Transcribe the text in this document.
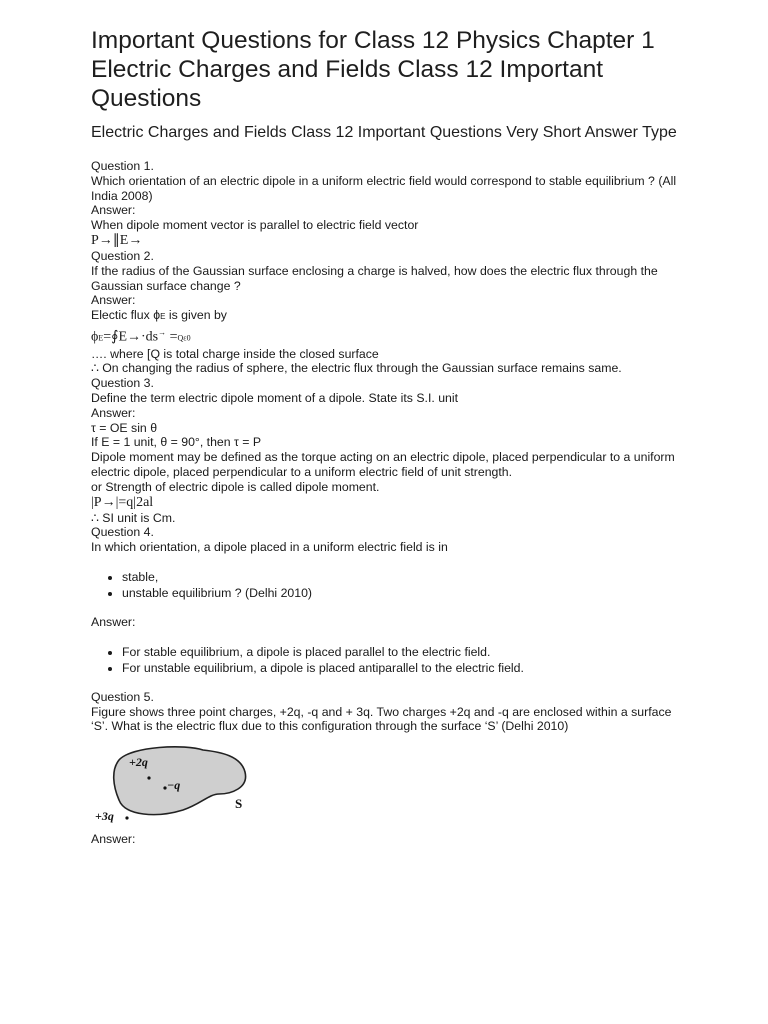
Important Questions for Class 12 Physics Chapter 1 Electric Charges and Fields Class 12 Important Questions
Electric Charges and Fields Class 12 Important Questions Very Short Answer Type
Question 1.
Which orientation of an electric dipole in a uniform electric field would correspond to stable equilibrium ? (All India 2008)
Answer:
When dipole moment vector is parallel to electric field vector
P→∥E→
Question 2.
If the radius of the Gaussian surface enclosing a charge is halved, how does the electric flux through the Gaussian surface change ?
Answer:
Electic flux ϕE is given by
ϕE=∮E→·ds→ =Qε0
…. where [Q is total charge inside the closed surface
∴ On changing the radius of sphere, the electric flux through the Gaussian surface remains same.
Question 3.
Define the term electric dipole moment of a dipole. State its S.I. unit
Answer:
τ = OE sin θ
If E = 1 unit, θ = 90°, then τ = P
Dipole moment may be defined as the torque acting on an electric dipole, placed perpendicular to a uniform electric dipole, placed perpendicular to a uniform electric field of unit strength.
or Strength of electric dipole is called dipole moment.
|P→|=q|2al
∴ SI unit is Cm.
Question 4.
In which orientation, a dipole placed in a uniform electric field is in
• stable,
• unstable equilibrium ? (Delhi 2010)
Answer:
• For stable equilibrium, a dipole is placed parallel to the electric field.
• For unstable equilibrium, a dipole is placed antiparallel to the electric field.
Question 5.
Figure shows three point charges, +2q, -q and + 3q. Two charges +2q and -q are enclosed within a surface ‘S’. What is the electric flux due to this configuration through the surface ‘S’ (Delhi 2010)
+2q
−q
+3q
S
Answer:
